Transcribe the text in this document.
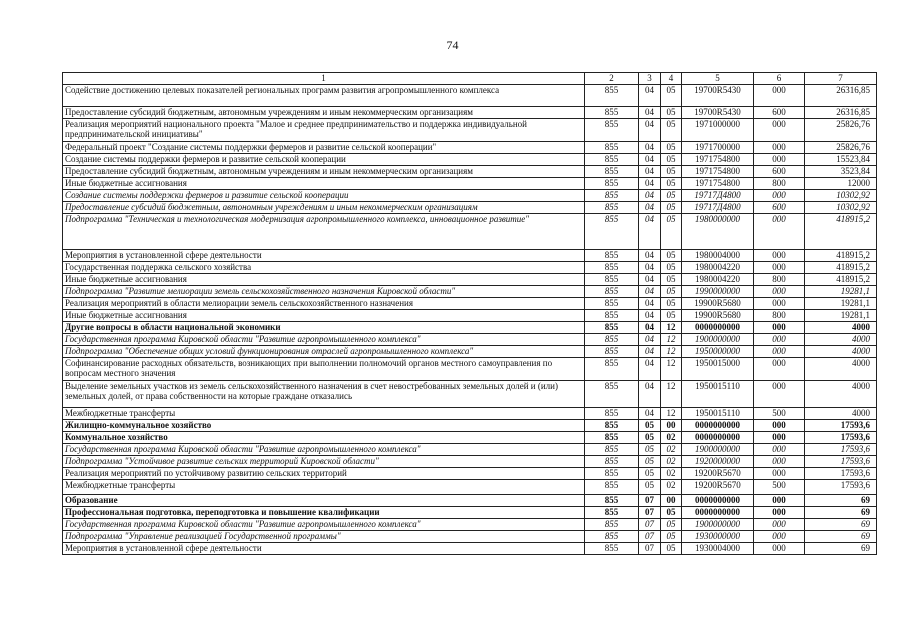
74
1	2	3	4	5	6	7
Содействие достижению целевых показателей региональных программ развития агропромышленного комплекса	855	04	05	19700R5430	000	26316,85
Предоставление субсидий бюджетным, автономным учреждениям и иным некоммерческим организациям	855	04	05	19700R5430	600	26316,85
Реализация мероприятий национального проекта "Малое и среднее предпринимательство и поддержка индивидуальной предпринимательской инициативы"	855	04	05	1971000000	000	25826,76
Федеральный проект "Создание системы поддержки фермеров и развитие сельской кооперации"	855	04	05	1971700000	000	25826,76
Создание системы поддержки фермеров и развитие сельской кооперации	855	04	05	1971754800	000	15523,84
Предоставление субсидий бюджетным, автономным учреждениям и иным некоммерческим организациям	855	04	05	1971754800	600	3523,84
Иные бюджетные ассигнования	855	04	05	1971754800	800	12000
Создание системы поддержки фермеров и развитие сельской кооперации	855	04	05	19717Д4800	000	10302,92
Предоставление субсидий бюджетным, автономным учреждениям и иным некоммерческим организациям	855	04	05	19717Д4800	600	10302,92
Подпрограмма "Техническая и технологическая модернизация агропромышленного комплекса, инновационное развитие"	855	04	05	1980000000	000	418915,2
Мероприятия в установленной сфере деятельности	855	04	05	1980004000	000	418915,2
Государственная поддержка сельского хозяйства	855	04	05	1980004220	000	418915,2
Иные бюджетные ассигнования	855	04	05	1980004220	800	418915,2
Подпрограмма "Развитие мелиорации земель сельскохозяйственного назначения Кировской области"	855	04	05	1990000000	000	19281,1
Реализация мероприятий в области мелиорации земель сельскохозяйственного назначения	855	04	05	19900R5680	000	19281,1
Иные бюджетные ассигнования	855	04	05	19900R5680	800	19281,1
Другие вопросы в области национальной экономики	855	04	12	0000000000	000	4000
Государственная программа Кировской области "Развитие агропромышленного комплекса"	855	04	12	1900000000	000	4000
Подпрограмма "Обеспечение общих условий функционирования отраслей агропромышленного комплекса"	855	04	12	1950000000	000	4000
Софинансирование расходных обязательств, возникающих при выполнении полномочий органов местного самоуправления по вопросам местного значения	855	04	12	1950015000	000	4000
Выделение земельных участков из земель сельскохозяйственного назначения в счет невостребованных земельных долей и (или) земельных долей, от права собственности на которые граждане отказались	855	04	12	1950015110	000	4000
Межбюджетные трансферты	855	04	12	1950015110	500	4000
Жилищно-коммунальное хозяйство	855	05	00	0000000000	000	17593,6
Коммунальное хозяйство	855	05	02	0000000000	000	17593,6
Государственная программа Кировской области "Развитие агропромышленного комплекса"	855	05	02	1900000000	000	17593,6
Подпрограмма "Устойчивое развитие сельских территорий Кировской области"	855	05	02	1920000000	000	17593,6
Реализация мероприятий по устойчивому развитию сельских территорий	855	05	02	19200R5670	000	17593,6
Межбюджетные трансферты	855	05	02	19200R5670	500	17593,6
Образование	855	07	00	0000000000	000	69
Профессиональная подготовка, переподготовка и повышение квалификации	855	07	05	0000000000	000	69
Государственная программа Кировской области "Развитие агропромышленного комплекса"	855	07	05	1900000000	000	69
Подпрограмма "Управление реализацией Государственной программы"	855	07	05	1930000000	000	69
Мероприятия в установленной сфере деятельности	855	07	05	1930004000	000	69
